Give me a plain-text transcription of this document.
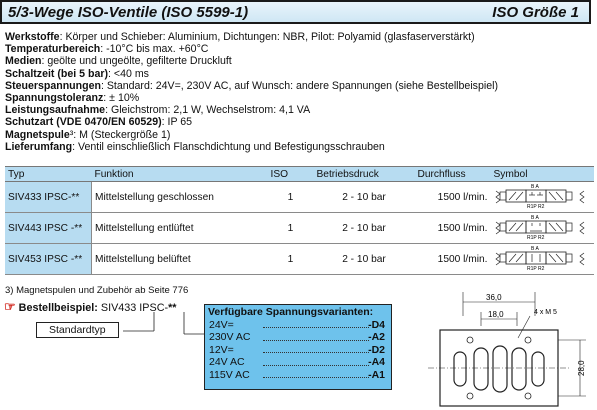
5/3-Wege ISO-Ventile (ISO 5599-1)	ISO Größe 1
Werkstoffe: Körper und Schieber: Aluminium, Dichtungen: NBR, Pilot: Polyamid (glasfaserverstärkt)
Temperaturbereich: -10°C bis max. +60°C
Medien: geölte und ungeölte, gefilterte Druckluft
Schaltzeit (bei 5 bar): <40 ms
Steuerspannungen: Standard: 24V=, 230V AC, auf Wunsch: andere Spannungen (siehe Bestellbeispiel)
Spannungstoleranz: ± 10%
Leistungsaufnahme: Gleichstrom: 2,1 W, Wechselstrom: 4,1 VA
Schutzart (VDE 0470/EN 60529): IP 65
Magnetspule³: M (Steckergröße 1)
Lieferumfang: Ventil einschließlich Flanschdichtung und Befestigungsschrauben
Typ	Funktion	ISO	Betriebsdruck	Durchfluss	Symbol
SIV433 IPSC-**	Mittelstellung geschlossen	1	2 - 10 bar	1500 l/min.	B A
R1P R2

SIV443 IPSC -**	Mittelstellung entlüftet	1	2 - 10 bar	1500 l/min.	B A
R1P R2

SIV453 IPSC -**	Mittelstellung belüftet	1	2 - 10 bar	1500 l/min.	B A
R1P R2
3) Magnetspulen und Zubehör ab Seite 776
☞ Bestellbeispiel: SIV433 IPSC-**
Standardtyp
Verfügbare Spannungsvarianten:
24V=	-D4
230V AC	-A2
12V=	-D2
24V AC	-A4
115V AC	-A1
36,0
18,0	4 x M 5
28,0
